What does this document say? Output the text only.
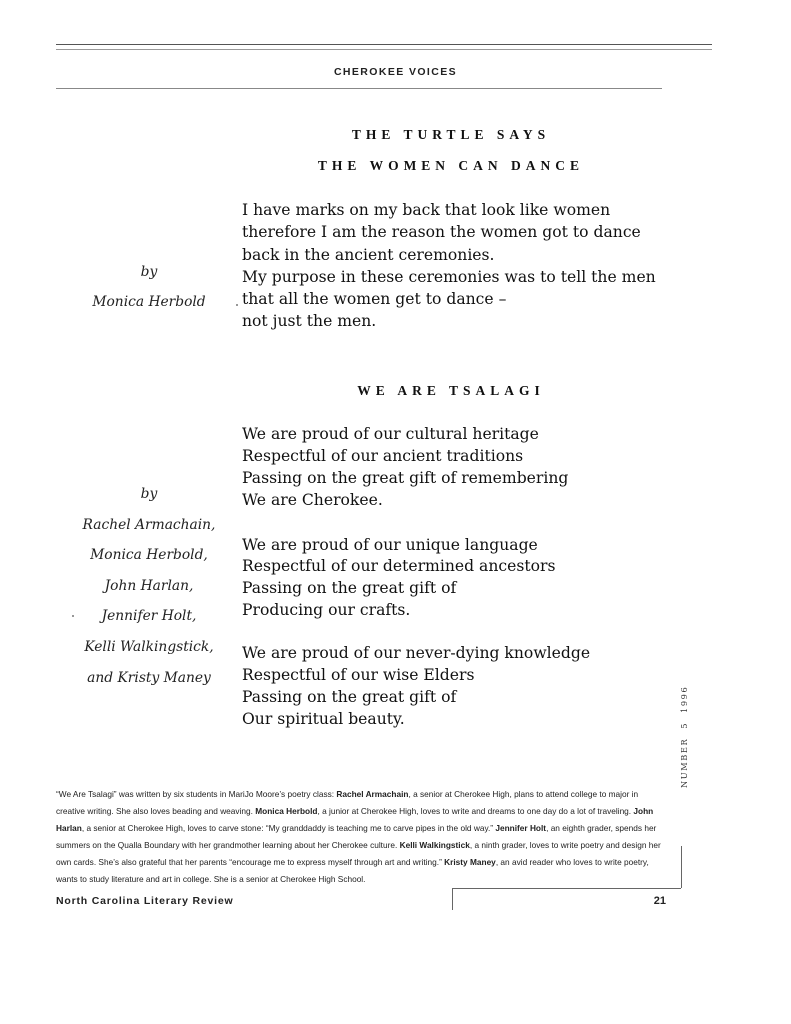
CHEROKEE VOICES
THE TURTLE SAYS
THE WOMEN CAN DANCE
I have marks on my back that look like women
therefore I am the reason the women got to dance
back in the ancient ceremonies.
My purpose in these ceremonies was to tell the men
that all the women get to dance –
not just the men.
by
Monica Herbold
WE ARE TSALAGI
We are proud of our cultural heritage
Respectful of our ancient traditions
Passing on the great gift of remembering
We are Cherokee.
We are proud of our unique language
Respectful of our determined ancestors
Passing on the great gift of
Producing our crafts.
We are proud of our never-dying knowledge
Respectful of our wise Elders
Passing on the great gift of
Our spiritual beauty.
by
Rachel Armachain,
Monica Herbold,
John Harlan,
Jennifer Holt,
Kelli Walkingstick,
and Kristy Maney
NUMBER51996
“We Are Tsalagi” was written by six students in MariJo Moore’s poetry class: Rachel Armachain, a senior at Cherokee High, plans to attend college to major in creative writing. She also loves beading and weaving. Monica Herbold, a junior at Cherokee High, loves to write and dreams to one day do a lot of traveling. John Harlan, a senior at Cherokee High, loves to carve stone: “My granddaddy is teaching me to carve pipes in the old way.” Jennifer Holt, an eighth grader, spends her summers on the Qualla Boundary with her grandmother learning about her Cherokee culture. Kelli Walkingstick, a ninth grader, loves to write poetry and design her own cards. She’s also grateful that her parents “encourage me to express myself through art and writing.” Kristy Maney, an avid reader who loves to write poetry, wants to study literature and art in college. She is a senior at Cherokee High School.
North Carolina Literary Review	21
